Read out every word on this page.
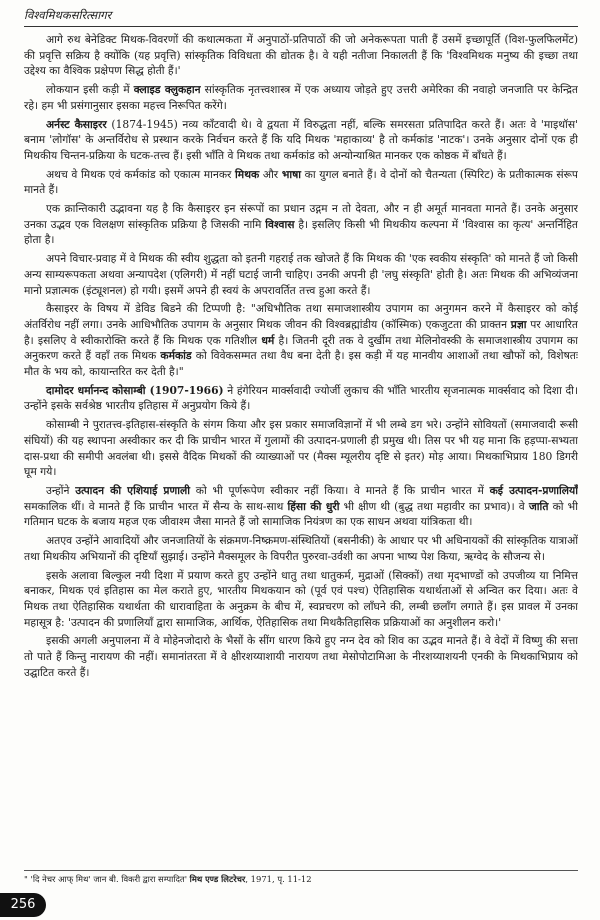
विश्वमिथकसरित्सागर

आगे रुथ बेनेडिक्ट मिथक-विवरणों की कथात्मकता में अनुपाठों-प्रतिपाठों की जो अनेकरूपता पाती हैं उसमें इच्छापूर्ति (विश-फुलफिलमेंट) की प्रवृत्ति सक्रिय है क्योंकि (यह प्रवृत्ति) सांस्कृतिक विविधता की द्योतक है। वे यही नतीजा निकालती हैं कि 'विश्वमिथक मनुष्य की इच्छा तथा उद्देश्य का वैश्विक प्रक्षेपण सिद्ध होती हैं।'

लोकयान इसी कड़ी में क्लाइड क्लुकहान सांस्कृतिक नृतत्त्वशास्त्र में एक अध्याय जोड़ते हुए उत्तरी अमेरिका की नवाहो जनजाति पर केन्द्रित रहे। हम भी प्रसंगानुसार इसका महत्त्व निरूपित करेंगे।

अर्नस्ट कैसाइरर (1874-1945) नव्य काँटवादी थे। वे द्वयता में विरुद्धता नहीं, बल्कि समरसता प्रतिपादित करते हैं। अतः वे 'माइथॉस' बनाम 'लोगॉस' के अन्तर्विरोध से प्रस्थान करके निर्वचन करते हैं कि यदि मिथक 'महाकाव्य' है तो कर्मकांड 'नाटक'। उनके अनुसार दोनों एक ही मिथकीय चिन्तन-प्रक्रिया के घटक-तत्त्व हैं। इसी भाँति वे मिथक तथा कर्मकांड को अन्योन्याश्रित मानकर एक कोष्ठक में बाँधते हैं।

अथच वे मिथक एवं कर्मकांड को एकात्म मानकर मिथक और भाषा का युगल बनाते हैं। वे दोनों को चैतन्यता (स्पिरिट) के प्रतीकात्मक संरूप मानते हैं।

एक क्रान्तिकारी उद्भावना यह है कि कैसाइरर इन संरूपों का प्रधान उद्गम न तो देवता, और न ही अमूर्त मानवता मानते हैं। उनके अनुसार उनका उद्भव एक विलक्षण सांस्कृतिक प्रक्रिया है जिसकी नामि विश्वास है। इसलिए किसी भी मिथकीय कल्पना में 'विश्वास का कृत्य' अन्तर्निहित होता है।

अपने विचार-प्रवाह में वे मिथक की स्वीय शुद्धता को इतनी गहराई तक खोजते हैं कि मिथक की 'एक स्वकीय संस्कृति' को मानते हैं जो किसी अन्य साम्यरूपकता अथवा अन्यापदेश (एलिगरी) में नहीं घटाई जानी चाहिए। उनकी अपनी ही 'लघु संस्कृति' होती है। अतः मिथक की अभिव्यंजना मानो प्रज्ञात्मक (इंट्यूशनल) हो गयी। इसमें अपने ही स्वयं के अपरावर्तित तत्त्व हुआ करते हैं।

कैसाइरर के विषय में डेविड बिडने की टिप्पणी है: "अधिभौतिक तथा समाजशास्त्रीय उपागम का अनुगमन करने में कैसाइरर को कोई अंतर्विरोध नहीं लगा। उनके आधिभौतिक उपागम के अनुसार मिथक जीवन की विश्वब्रह्मांडीय (कॉस्मिक) एकजुटता की प्राक्तन प्रज्ञा पर आधारित है। इसलिए वे स्वीकारोक्ति करते हैं कि मिथक एक गतिशील धर्म है। जितनी दूरी तक वे दुर्खीम तथा मेलिनोवस्की के समाजशास्त्रीय उपागम का अनुकरण करते हैं वहाँ तक मिथक कर्मकांड को विवेकसम्मत तथा वैध बना देती है। इस कड़ी में यह मानवीय आशाओं तथा खौफों को, विशेषतः मौत के भय को, कायान्तरित कर देती है।"

दामोदर धर्मानन्द कोसाम्बी (1907-1966) ने हंगेरियन मार्क्सवादी ज्योर्जी लुकाच की भाँति भारतीय सृजनात्मक मार्क्सवाद को दिशा दी। उन्होंने इसके सर्वश्रेष्ठ भारतीय इतिहास में अनुप्रयोग किये हैं।

कोसाम्बी ने पुरातत्त्व-इतिहास-संस्कृति के संगम किया और इस प्रकार समाजविज्ञानों में भी लम्बे डग भरे। उन्होंने सोवियतों (समाजवादी रूसी संघियों) की यह स्थापना अस्वीकार कर दी कि प्राचीन भारत में गुलामों की उत्पादन-प्रणाली ही प्रमुख थी। तिस पर भी यह माना कि हड़प्पा-सभ्यता दास-प्रथा की समीपी अवलंबा थी। इससे वैदिक मिथकों की व्याख्याओं पर (मैक्स म्यूलरीय दृष्टि से इतर) मोड़ आया। मिथकाभिप्राय 180 डिगरी घूम गये।

उन्होंने उत्पादन की एशियाई प्रणाली को भी पूर्णरूपेण स्वीकार नहीं किया। वे मानते हैं कि प्राचीन भारत में कई उत्पादन-प्रणालियाँ समकालिक थीं। वे मानते हैं कि प्राचीन भारत में सैन्य के साथ-साथ हिंसा की धुरी भी क्षीण थी (बुद्ध तथा महावीर का प्रभाव)। वे जाति को भी गतिमान घटक के बजाय महज एक जीवाश्म जैसा मानते हैं जो सामाजिक नियंत्रण का एक साधन अथवा यांत्रिकता थी।

अतएव उन्होंने आवादियों और जनजातियों के संक्रमण-निष्क्रमण-संस्थितियों (बसनीकी) के आधार पर भी अधिनायकों की सांस्कृतिक यात्राओं तथा मिथकीय अभियानों की दृष्टियाँ सुझाई। उन्होंने मैक्समूलर के विपरीत पुरुरवा-उर्वशी का अपना भाष्य पेश किया, ऋग्वेद के सौजन्य से।

इसके अलावा बिल्कुल नयी दिशा में प्रयाण करते हुए उन्होंने धातु तथा धातुकर्म, मुद्राओं (सिक्कों) तथा मृदभाण्डों को उपजीव्य या निमित्त बनाकर, मिथक एवं इतिहास का मेल कराते हुए, भारतीय मिथकयान को (पूर्व एवं पश्च) ऐतिहासिक यथार्थताओं से अन्वित कर दिया। अतः वे मिथक तथा ऐतिहासिक यथार्थता की धारावाहिता के अनुक्रम के बीच में, स्वप्नचरण को लाँघने की, लम्बी छलाँग लगाते हैं। इस प्रावल में उनका महासूत्र है: 'उत्पादन की प्रणालियाँ द्वारा सामाजिक, आर्थिक, ऐतिहासिक तथा मिथकैतिहासिक प्रक्रियाओं का अनुशीलन करो।'

इसकी अगली अनुपालना में वे मोहेनजोदारो के भैसों के सींग धारण किये हुए नग्न देव को शिव का उद्भव मानते हैं। वे वेदों में विष्णु की सत्ता तो पाते हैं किन्तु नारायण की नहीं। समानांतरता में वे क्षीरशय्याशायी नारायण तथा मेसोपोटामिआ के नीरशय्याशयनी एनकी के मिथकाभिप्राय को उद्घाटित करते हैं।

" 'दि नेचर आफ् मिथ' जान बी. विकरी द्वारा सम्पादित' मिथ एण्ड लिटरेचर, 1971, पृ. 11-12
256
